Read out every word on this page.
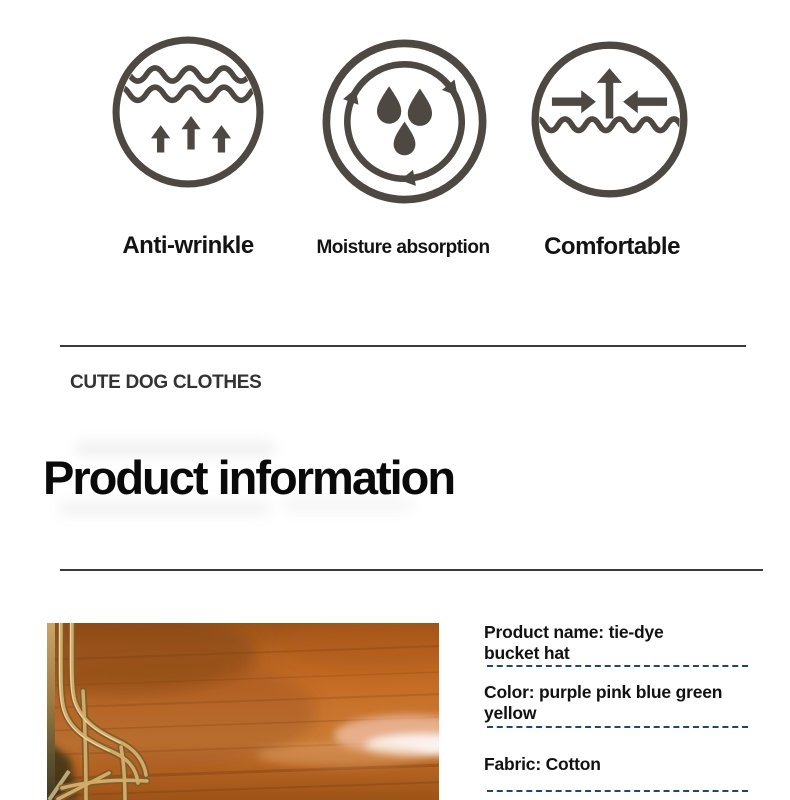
Anti-wrinkle	Moisture absorption	Comfortable
CUTE DOG CLOTHES
Product information
Product name: tie-dye
bucket hat
Color: purple pink blue green
yellow
Fabric: Cotton
